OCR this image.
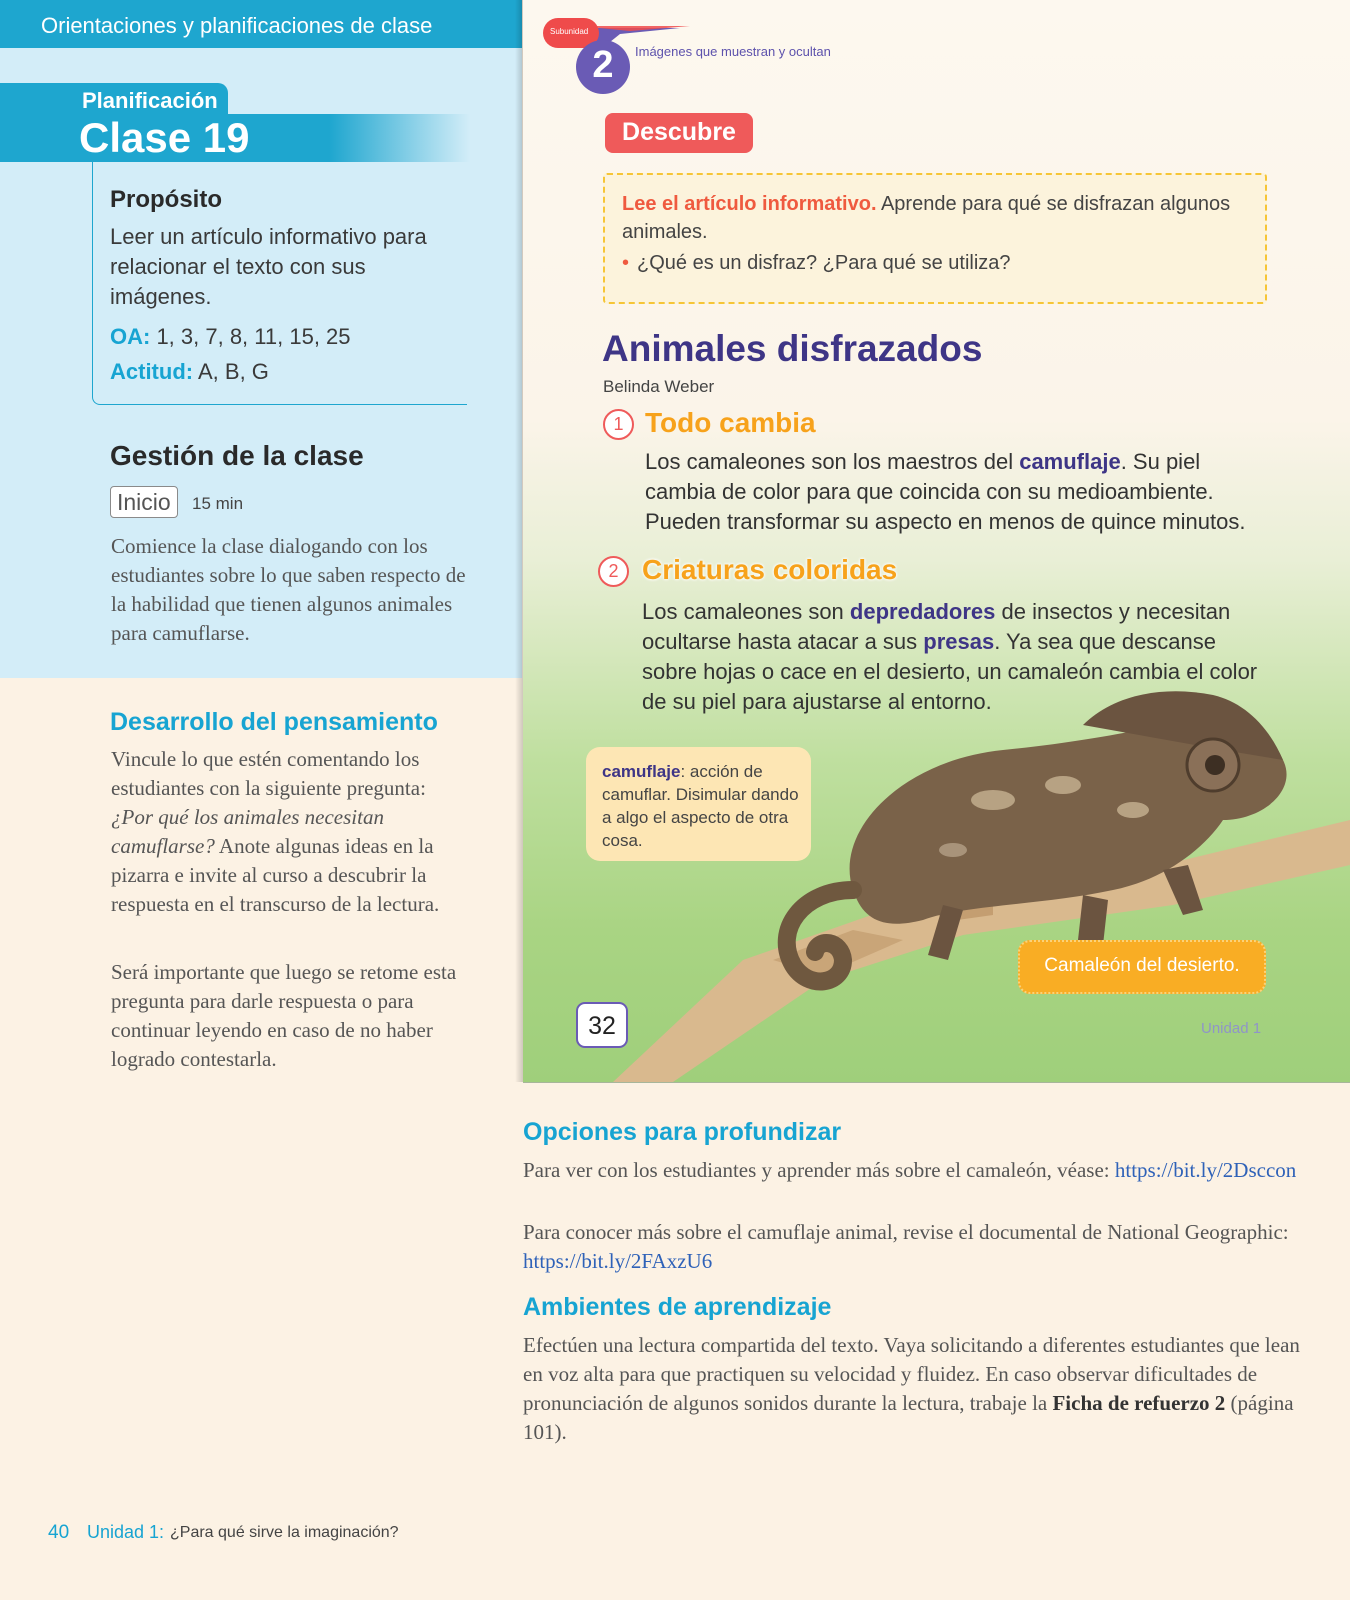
Orientaciones y planificaciones de clase
Planificación
Clase 19
Propósito
Leer un artículo informativo para relacionar el texto con sus imágenes.
OA: 1, 3, 7, 8, 11, 15, 25
Actitud: A, B, G
Gestión de la clase
Inicio	15 min
Comience la clase dialogando con los estudiantes sobre lo que saben respecto de la habilidad que tienen algunos animales para camuflarse.
Desarrollo del pensamiento
Vincule lo que estén comentando los estudiantes con la siguiente pregunta: ¿Por qué los animales necesitan camuflarse? Anote algunas ideas en la pizarra e invite al curso a descubrir la respuesta en el transcurso de la lectura.
Será importante que luego se retome esta pregunta para darle respuesta o para continuar leyendo en caso de no haber logrado contestarla.
40 Unidad 1: ¿Para qué sirve la imaginación?
Subunidad
2	Imágenes que muestran y ocultan
Descubre
Lee el artículo informativo. Aprende para qué se disfrazan algunos animales.
• ¿Qué es un disfraz? ¿Para qué se utiliza?
Animales disfrazados
Belinda Weber
1 Todo cambia
Los camaleones son los maestros del camuflaje. Su piel cambia de color para que coincida con su medioambiente. Pueden transformar su aspecto en menos de quince minutos.
2 Criaturas coloridas
Los camaleones son depredadores de insectos y necesitan ocultarse hasta atacar a sus presas. Ya sea que descanse sobre hojas o cace en el desierto, un camaleón cambia el color de su piel para ajustarse al entorno.
camuflaje: acción de camuflar. Disimular dando a algo el aspecto de otra cosa.
Camaleón del desierto.
32	Unidad 1
Opciones para profundizar
Para ver con los estudiantes y aprender más sobre el camaleón, véase: https://bit.ly/2Dsccon
Para conocer más sobre el camuflaje animal, revise el documental de National Geographic: https://bit.ly/2FAxzU6
Ambientes de aprendizaje
Efectúen una lectura compartida del texto. Vaya solicitando a diferentes estudiantes que lean en voz alta para que practiquen su velocidad y fluidez. En caso observar dificultades de pronunciación de algunos sonidos durante la lectura, trabaje la Ficha de refuerzo 2 (página 101).
